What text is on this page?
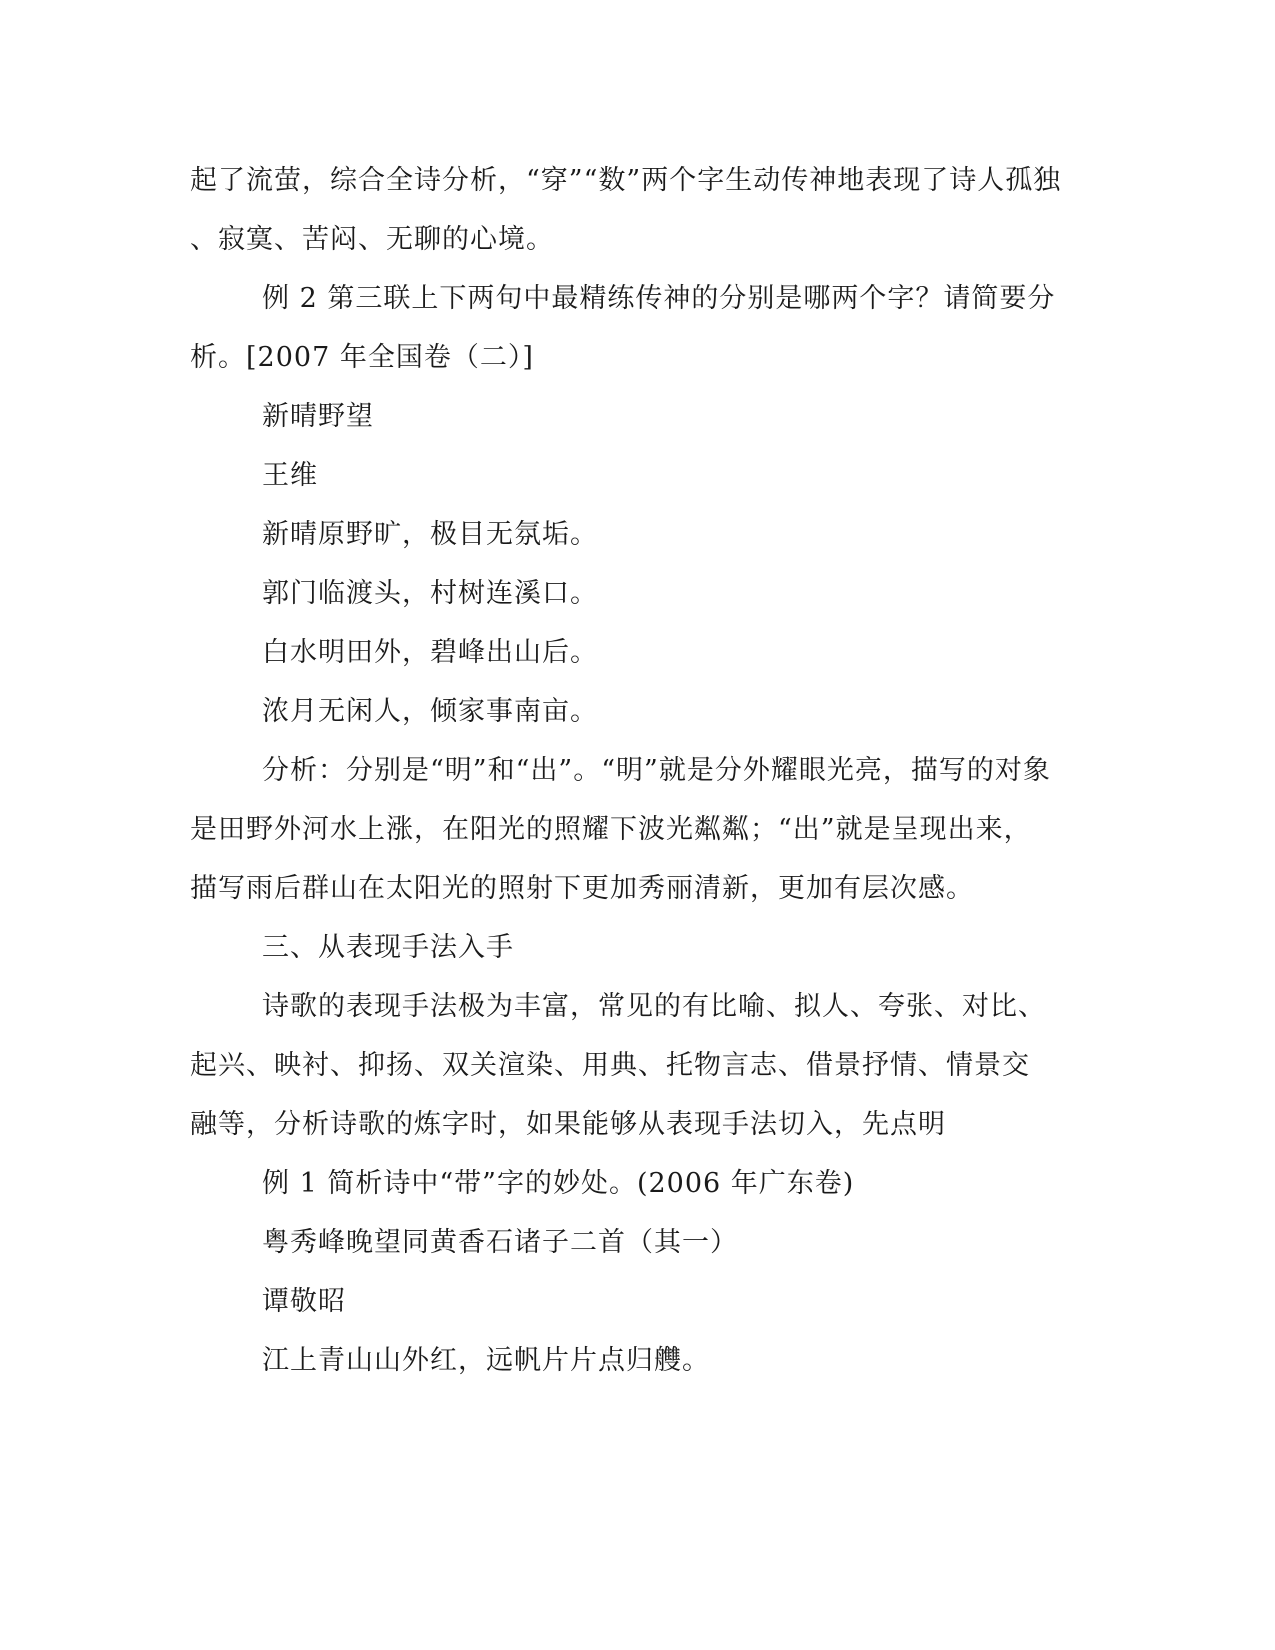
起了流萤，综合全诗分析，“穿”“数”两个字生动传神地表现了诗人孤独
、寂寞、苦闷、无聊的心境。
例 2 第三联上下两句中最精练传神的分别是哪两个字？请简要分
析。[2007 年全国卷（二）]
新晴野望
王维
新晴原野旷，极目无氛垢。
郭门临渡头，村树连溪口。
白水明田外，碧峰出山后。
浓月无闲人，倾家事南亩。
分析：分别是“明”和“出”。“明”就是分外耀眼光亮，描写的对象
是田野外河水上涨，在阳光的照耀下波光粼粼；“出”就是呈现出来，
描写雨后群山在太阳光的照射下更加秀丽清新，更加有层次感。
三、从表现手法入手
诗歌的表现手法极为丰富，常见的有比喻、拟人、夸张、对比、
起兴、映衬、抑扬、双关渲染、用典、托物言志、借景抒情、情景交
融等，分析诗歌的炼字时，如果能够从表现手法切入，先点明
例 1 简析诗中“带”字的妙处。(2006 年广东卷)
粤秀峰晚望同黄香石诸子二首（其一）
谭敬昭
江上青山山外红，远帆片片点归艭。
